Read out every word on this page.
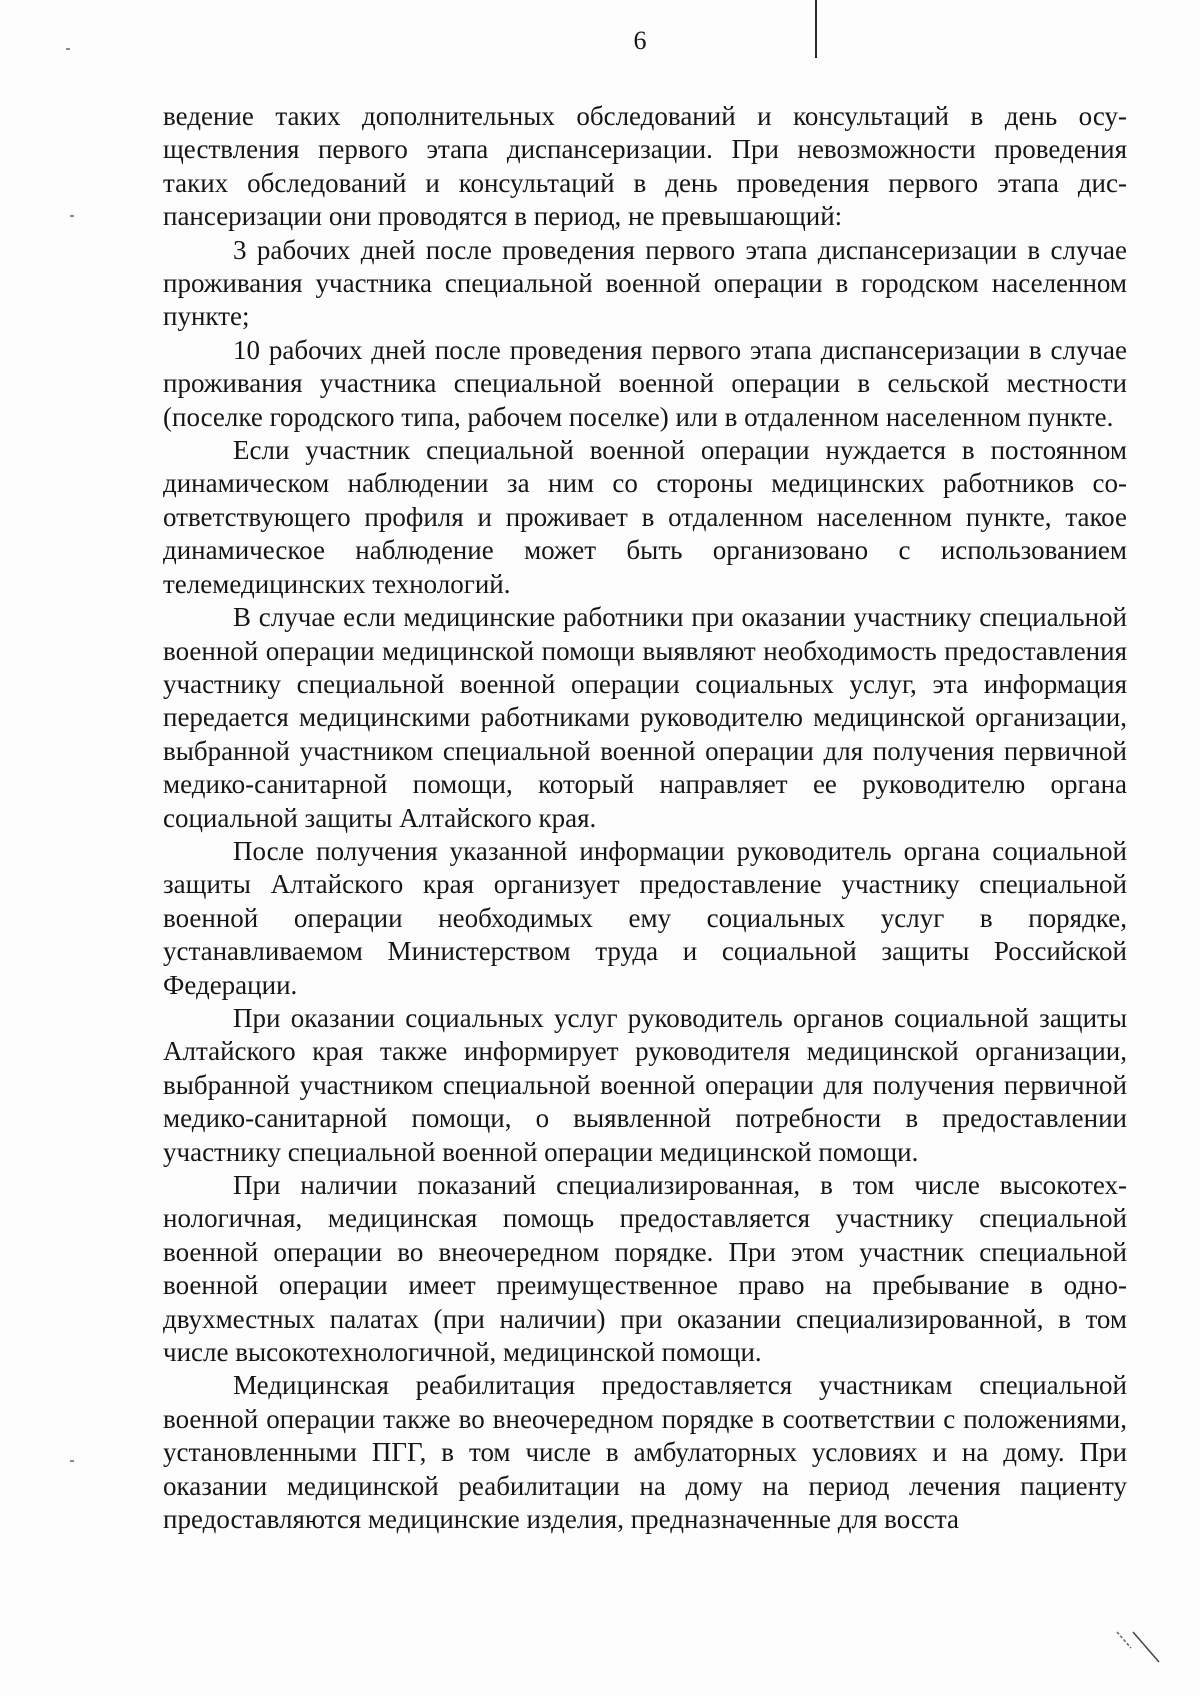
6

ведение таких дополнительных обследований и консультаций в день осуществления первого этапа диспансеризации. При невозможности проведения таких обследований и консультаций в день проведения первого этапа диспансеризации они проводятся в период, не превышающий:

3 рабочих дней после проведения первого этапа диспансеризации в случае проживания участника специальной военной операции в городском населенном пункте;

10 рабочих дней после проведения первого этапа диспансеризации в случае проживания участника специальной военной операции в сельской местности (поселке городского типа, рабочем поселке) или в отдаленном населенном пункте.

Если участник специальной военной операции нуждается в постоянном динамическом наблюдении за ним со стороны медицинских работников соответствующего профиля и проживает в отдаленном населенном пункте, такое динамическое наблюдение может быть организовано с использованием телемедицинских технологий.

В случае если медицинские работники при оказании участнику специальной военной операции медицинской помощи выявляют необходимость предоставления участнику специальной военной операции социальных услуг, эта информация передается медицинскими работниками руководителю медицинской организации, выбранной участником специальной военной операции для получения первичной медико-санитарной помощи, который направляет ее руководителю органа социальной защиты Алтайского края.

После получения указанной информации руководитель органа социальной защиты Алтайского края организует предоставление участнику специальной военной операции необходимых ему социальных услуг в порядке, устанавливаемом Министерством труда и социальной защиты Российской Федерации.

При оказании социальных услуг руководитель органов социальной защиты Алтайского края также информирует руководителя медицинской организации, выбранной участником специальной военной операции для получения первичной медико-санитарной помощи, о выявленной потребности в предоставлении участнику специальной военной операции медицинской помощи.

При наличии показаний специализированная, в том числе высокотехнологичная, медицинская помощь предоставляется участнику специальной военной операции во внеочередном порядке. При этом участник специальной военной операции имеет преимущественное право на пребывание в однодвухместных палатах (при наличии) при оказании специализированной, в том числе высокотехнологичной, медицинской помощи.

Медицинская реабилитация предоставляется участникам специальной военной операции также во внеочередном порядке в соответствии с положениями, установленными ПГГ, в том числе в амбулаторных условиях и на дому. При оказании медицинской реабилитации на дому на период лечения пациенту предоставляются медицинские изделия, предназначенные для восста
